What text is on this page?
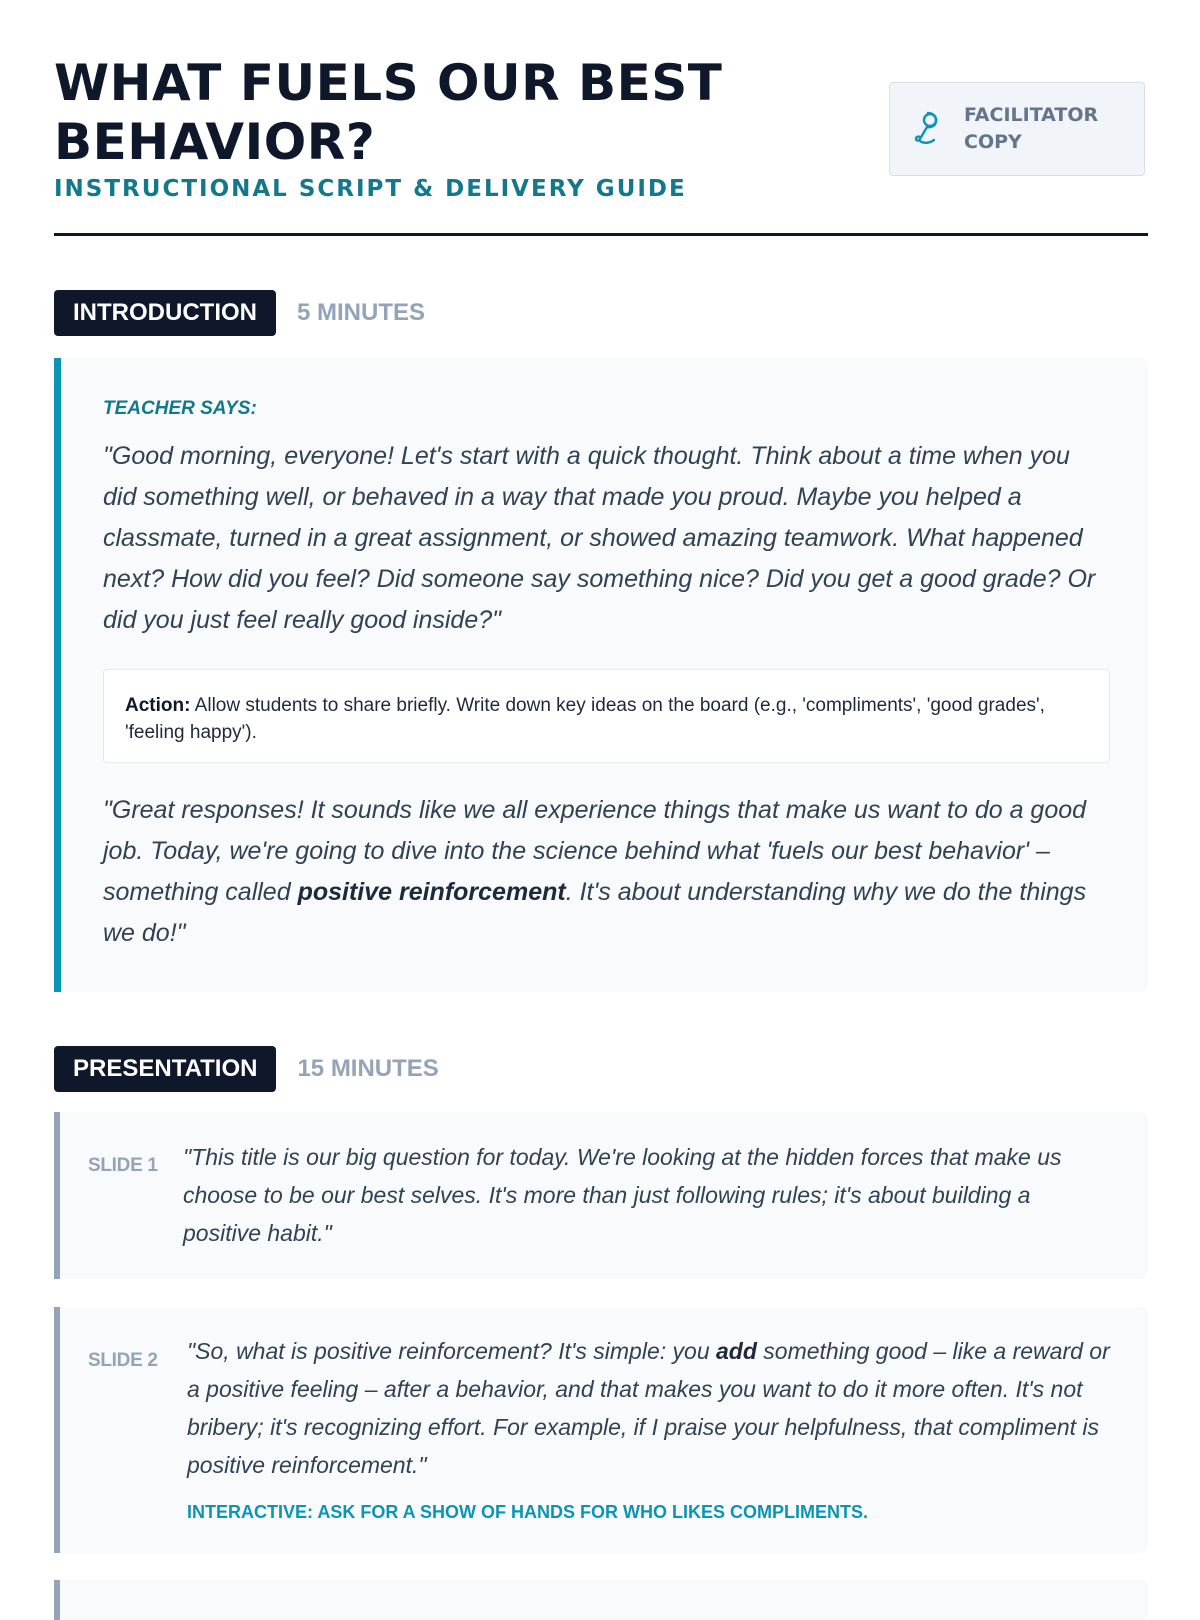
WHAT FUELS OUR BEST BEHAVIOR?
INSTRUCTIONAL SCRIPT & DELIVERY GUIDE
FACILITATOR COPY
INTRODUCTION	5 MINUTES
TEACHER SAYS:

"Good morning, everyone! Let's start with a quick thought. Think about a time when you did something well, or behaved in a way that made you proud. Maybe you helped a classmate, turned in a great assignment, or showed amazing teamwork. What happened next? How did you feel? Did someone say something nice? Did you get a good grade? Or did you just feel really good inside?"

Action: Allow students to share briefly. Write down key ideas on the board (e.g., 'compliments', 'good grades', 'feeling happy').

"Great responses! It sounds like we all experience things that make us want to do a good job. Today, we're going to dive into the science behind what 'fuels our best behavior' – something called positive reinforcement. It's about understanding why we do the things we do!"

PRESENTATION	15 MINUTES
SLIDE 1 "This title is our big question for today. We're looking at the hidden forces that make us choose to be our best selves. It's more than just following rules; it's about building a positive habit."

SLIDE 2 "So, what is positive reinforcement? It's simple: you add something good – like a reward or a positive feeling – after a behavior, and that makes you want to do it more often. It's not bribery; it's recognizing effort. For example, if I praise your helpfulness, that compliment is positive reinforcement."

INTERACTIVE: ASK FOR A SHOW OF HANDS FOR WHO LIKES COMPLIMENTS.
